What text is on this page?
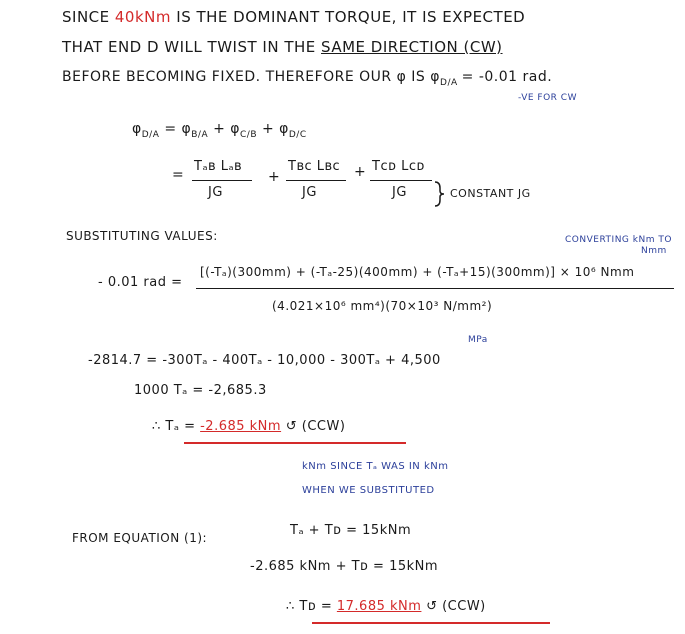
SINCE 40kNm IS THE DOMINANT TORQUE, IT IS EXPECTED
THAT END D WILL TWIST IN THE SAME DIRECTION (CW)
BEFORE BECOMING FIXED. THEREFORE OUR φ IS $\varphi_{D/A} = -0.01$ rad.
-VE FOR CW
$\varphi_{D/A} = \varphi_{B/A} + \varphi_{C/B} + \varphi_{D/C}$
=
Tₐʙ Lₐʙ
JG
+
Tʙᴄ Lʙᴄ
JG
+ Tᴄᴅ Lᴄᴅ
JG	CONSTANT JG
SUBSTITUTING VALUES:	CONVERTING kNm TO
Nmm
- 0.01 rad =
[(-Tₐ)(300mm) + (-Tₐ-25)(400mm) + (-Tₐ+15)(300mm)] × 10⁶ Nmm
(4.021×10⁶ mm⁴)(70×10³ N/mm²)
MPa
-2814.7 = -300Tₐ - 400Tₐ - 10,000 - 300Tₐ + 4,500
1000 Tₐ = -2,685.3
∴ Tₐ = -2.685 kNm ↺ (CCW)
kNm SINCE Tₐ WAS IN kNm
WHEN WE SUBSTITUTED
FROM EQUATION (1):	Tₐ + Tᴅ = 15kNm
-2.685 kNm + Tᴅ = 15kNm
∴ Tᴅ = 17.685 kNm ↺ (CCW)
